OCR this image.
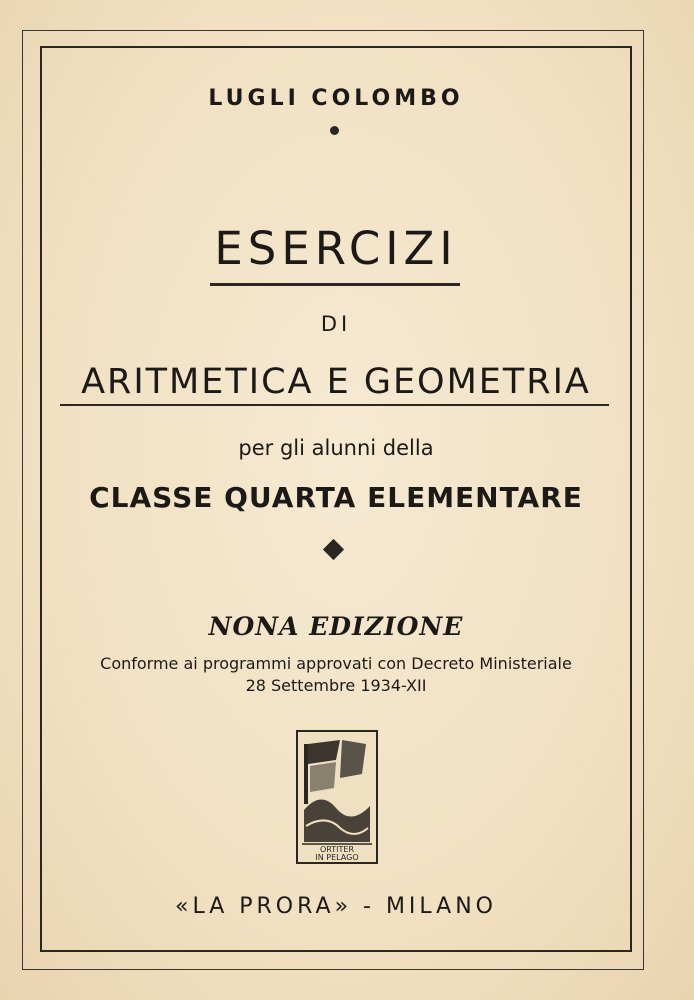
LUGLI COLOMBO
ESERCIZI
DI
ARITMETICA E GEOMETRIA
per gli alunni della
CLASSE QUARTA ELEMENTARE
NONA EDIZIONE
Conforme ai programmi approvati con Decreto Ministeriale
28 Settembre 1934-XII
ORTITER
IN PELAGO
«LA PRORA» - MILANO
